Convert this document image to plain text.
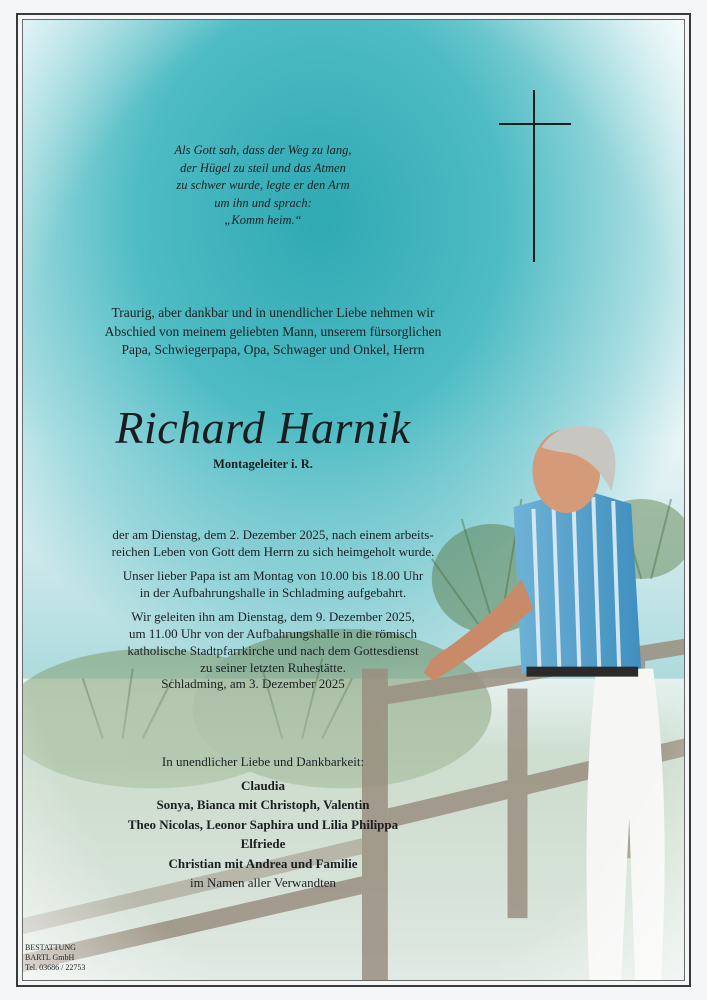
Als Gott sah, dass der Weg zu lang,
der Hügel zu steil und das Atmen
zu schwer wurde, legte er den Arm
um ihn und sprach:
„Komm heim.“
Traurig, aber dankbar und in unendlicher Liebe nehmen wir
Abschied von meinem geliebten Mann, unserem fürsorglichen
Papa, Schwiegerpapa, Opa, Schwager und Onkel, Herrn
Richard Harnik
Montageleiter i. R.
der am Dienstag, dem 2. Dezember 2025, nach einem arbeits-
reichen Leben von Gott dem Herrn zu sich heimgeholt wurde.
Unser lieber Papa ist am Montag von 10.00 bis 18.00 Uhr
in der Aufbahrungshalle in Schladming aufgebahrt.
Wir geleiten ihn am Dienstag, dem 9. Dezember 2025,
um 11.00 Uhr von der Aufbahrungshalle in die römisch
katholische Stadtpfarrkirche und nach dem Gottesdienst
zu seiner letzten Ruhestätte.
Schladming, am 3. Dezember 2025
In unendlicher Liebe und Dankbarkeit:
Claudia
Sonya, Bianca mit Christoph, Valentin
Theo Nicolas, Leonor Saphira und Lilia Philippa
Elfriede
Christian mit Andrea und Familie
im Namen aller Verwandten
BESTATTUNG
BARTL GmbH
Tel. 03686 / 22753
